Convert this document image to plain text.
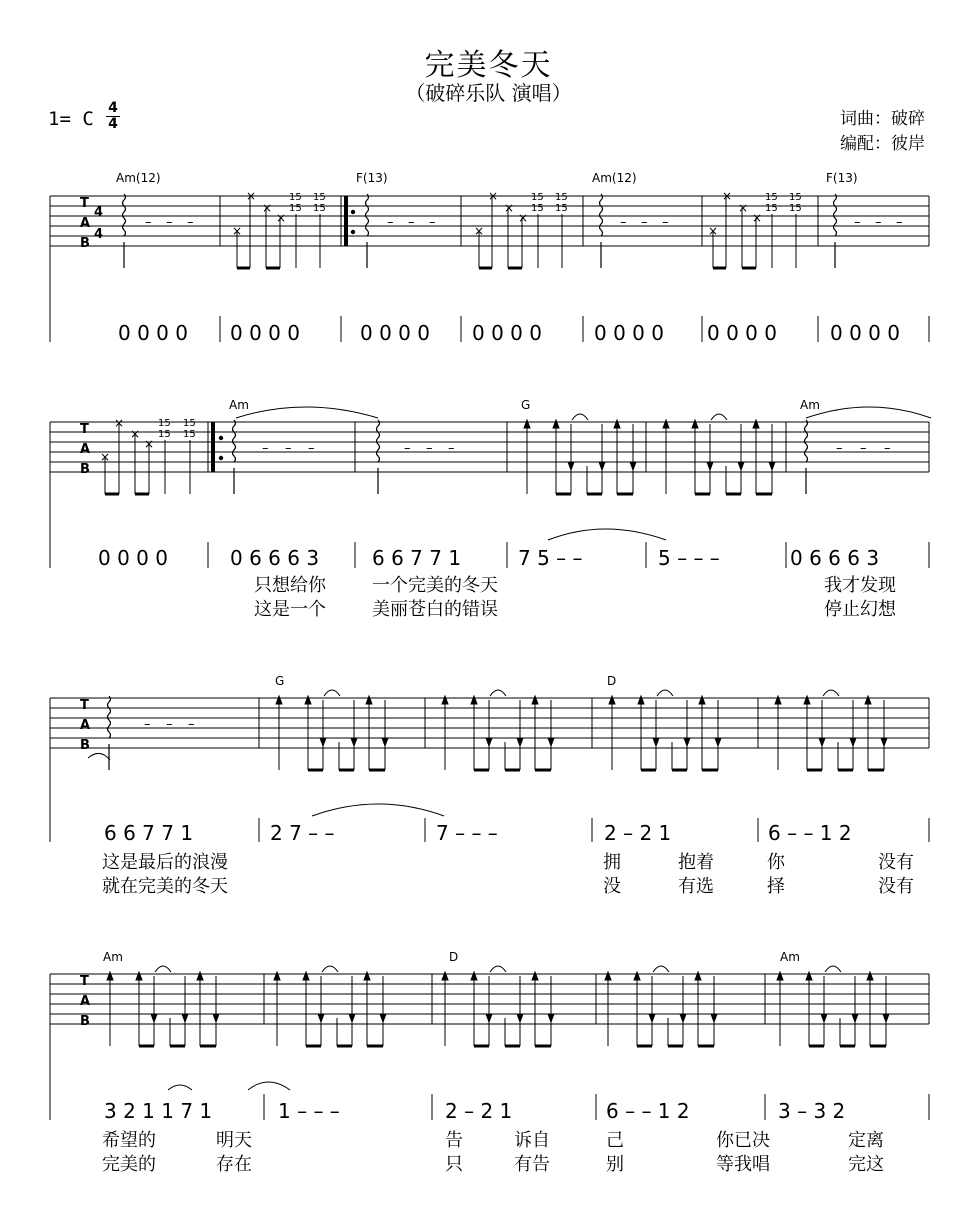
完美冬天
（破碎乐队 演唱）
1= C 4
4	词曲：破碎
编配：彼岸
T
A
B
4
4
Am(12)	F(13)	Am(12)	F(13)
– – –	– – –	– – –	– – –
×
×
×
×
15
15
15
15
0 0 0 0 0 0 0 0	0 0 0 0 0 0 0 0	0 0 0 0 0 0 0 0	0 0 0 0
T
A
B
×
×
×
×
15
15
15
15
Am	G	Am
– – –	– – –	– – –
0 0 0 0	0 6 6 6 3	6 6 7 7 1	7 5 – –	5 – – –	0 6 6 6 3
只想给你	一个完美的冬天	我才发现
这是一个	美丽苍白的错误	停止幻想
T
A
B
– – –
G	D
6 6 7 7 1	2 7 – –	7 – – –	2 – 2 1	6 – – 1 2
这是最后的浪漫	拥	抱着	你	没有
就在完美的冬天	没	有选	择	没有
T
A
B
Am	D	Am
3 2 1 1 7 1	1 – – –	2 – 2 1	6 – – 1 2	3 – 3 2
希望的	明天	告	诉自	己	你已决	定离
完美的	存在	只	有告	别	等我唱	完这
